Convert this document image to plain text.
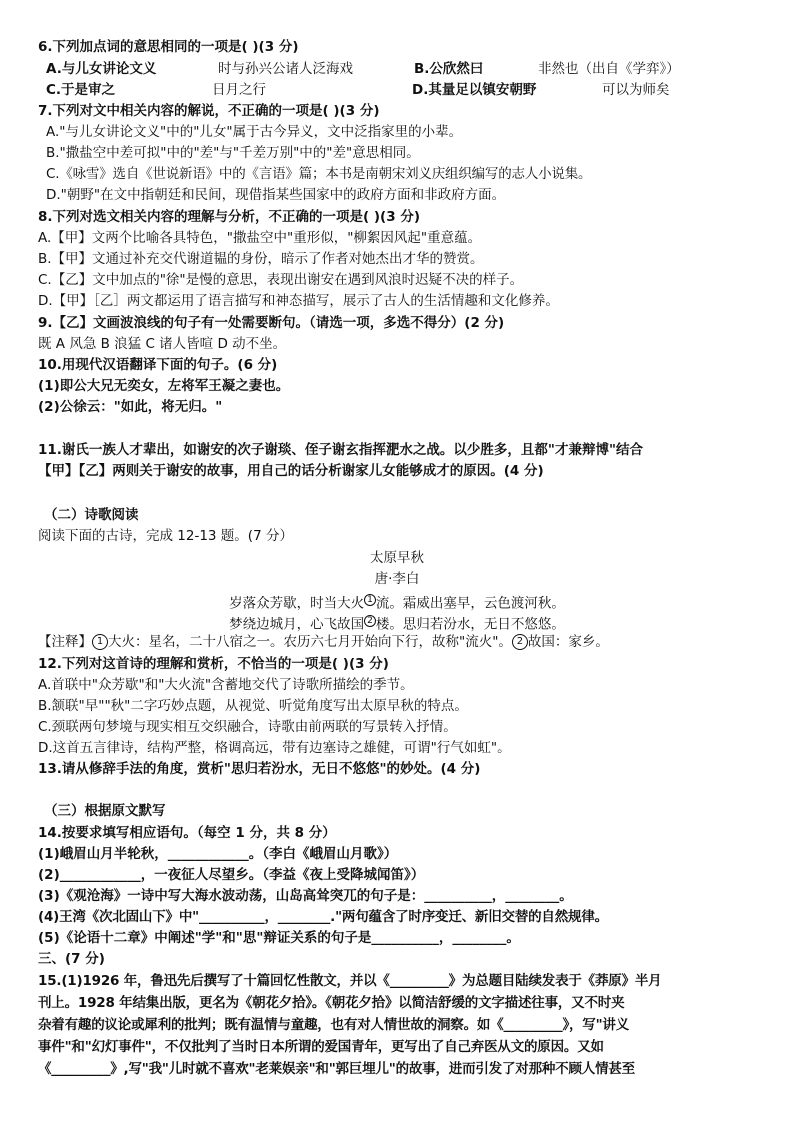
6.下列加点词的意思相同的一项是( )(3 分)
A.与儿女讲论文义	时与孙兴公诸人泛海戏	B.公欣然曰	非然也（出自《学弈》）
C.于是审之	日月之行	D.其量足以镇安朝野	可以为师矣
7.下列对文中相关内容的解说，不正确的一项是( )(3 分)
A."与儿女讲论文义"中的"儿女"属于古今异义，文中泛指家里的小辈。
B."撒盐空中差可拟"中的"差"与"千差万别"中的"差"意思相同。
C.《咏雪》选自《世说新语》中的《言语》篇；本书是南朝宋刘义庆组织编写的志人小说集。
D."朝野"在文中指朝廷和民间，现借指某些国家中的政府方面和非政府方面。
8.下列对选文相关内容的理解与分析，不正确的一项是( )(3 分)
A.【甲】文两个比喻各具特色，"撒盐空中"重形似，"柳絮因风起"重意蕴。
B.【甲】文通过补充交代谢道韫的身份，暗示了作者对她杰出才华的赞赏。
C.【乙】文中加点的"徐"是慢的意思，表现出谢安在遇到风浪时迟疑不决的样子。
D.【甲】［乙］两文都运用了语言描写和神态描写，展示了古人的生活情趣和文化修养。
9.【乙】文画波浪线的句子有一处需要断句。（请选一项，多选不得分）(2 分)
既 A 风急 B 浪猛 C 诸人皆喧 D 动不坐。
10.用现代汉语翻译下面的句子。(6 分)
(1)即公大兄无奕女，左将军王凝之妻也。
(2)公徐云："如此，将无归。"
11.谢氏一族人才辈出，如谢安的次子谢琰、侄子谢玄指挥淝水之战。以少胜多，且都"才兼辩博"结合
【甲】【乙】两则关于谢安的故事，用自己的话分析谢家儿女能够成才的原因。(4 分)
（二）诗歌阅读
阅读下面的古诗，完成 12-13 题。(7 分）
太原早秋
唐·李白
岁落众芳歇，时当大火 $^1$ 流。霜威出塞早，云色渡河秋。
梦绕边城月，心飞故国 $^2$ 楼。思归若汾水，无日不悠悠。
【注释】 1 大火：星名，二十八宿之一。农历六七月开始向下行，故称"流火"。 2 故国：家乡。
12.下列对这首诗的理解和赏析，不恰当的一项是( )(3 分)
A.首联中"众芳歇"和"大火流"含蓄地交代了诗歌所描绘的季节。
B.颔联"早""秋"二字巧妙点题，从视觉、听觉角度写出太原早秋的特点。
C.颈联两句梦境与现实相互交织融合，诗歌由前两联的写景转入抒情。
D.这首五言律诗，结构严整，格调高远，带有边塞诗之雄健，可谓"行气如虹"。
13.请从修辞手法的角度，赏析"思归若汾水，无日不悠悠"的妙处。(4 分)
（三）根据原文默写
14.按要求填写相应语句。（每空 1 分，共 8 分）
(1)峨眉山月半轮秋，____________。（李白《峨眉山月歌》）
(2)____________，一夜征人尽望乡。（李益《夜上受降城闻笛》）
(3)《观沧海》一诗中写大海水波动荡，山岛高耸突兀的句子是：__________，________。
(4)王湾《次北固山下》中"__________，________."两句蕴含了时序变迁、新旧交替的自然规律。
(5)《论语十二章》中阐述"学"和"思"辩证关系的句子是__________，________。
三、(7 分)
15.(1)1926 年，鲁迅先后撰写了十篇回忆性散文，并以《_________》为总题目陆续发表于《莽原》半月
刊上。1928 年结集出版，更名为《朝花夕拾》。《朝花夕拾》以简洁舒缓的文字描述往事，又不时夹
杂着有趣的议论或犀利的批判；既有温情与童趣，也有对人情世故的洞察。如《_________》，写"讲义
事件"和"幻灯事件"，不仅批判了当时日本所谓的爱国青年，更写出了自己弃医从文的原因。又如
《_________》,写"我"儿时就不喜欢"老莱娱亲"和"郭巨埋儿"的故事，进而引发了对那种不顾人情甚至
